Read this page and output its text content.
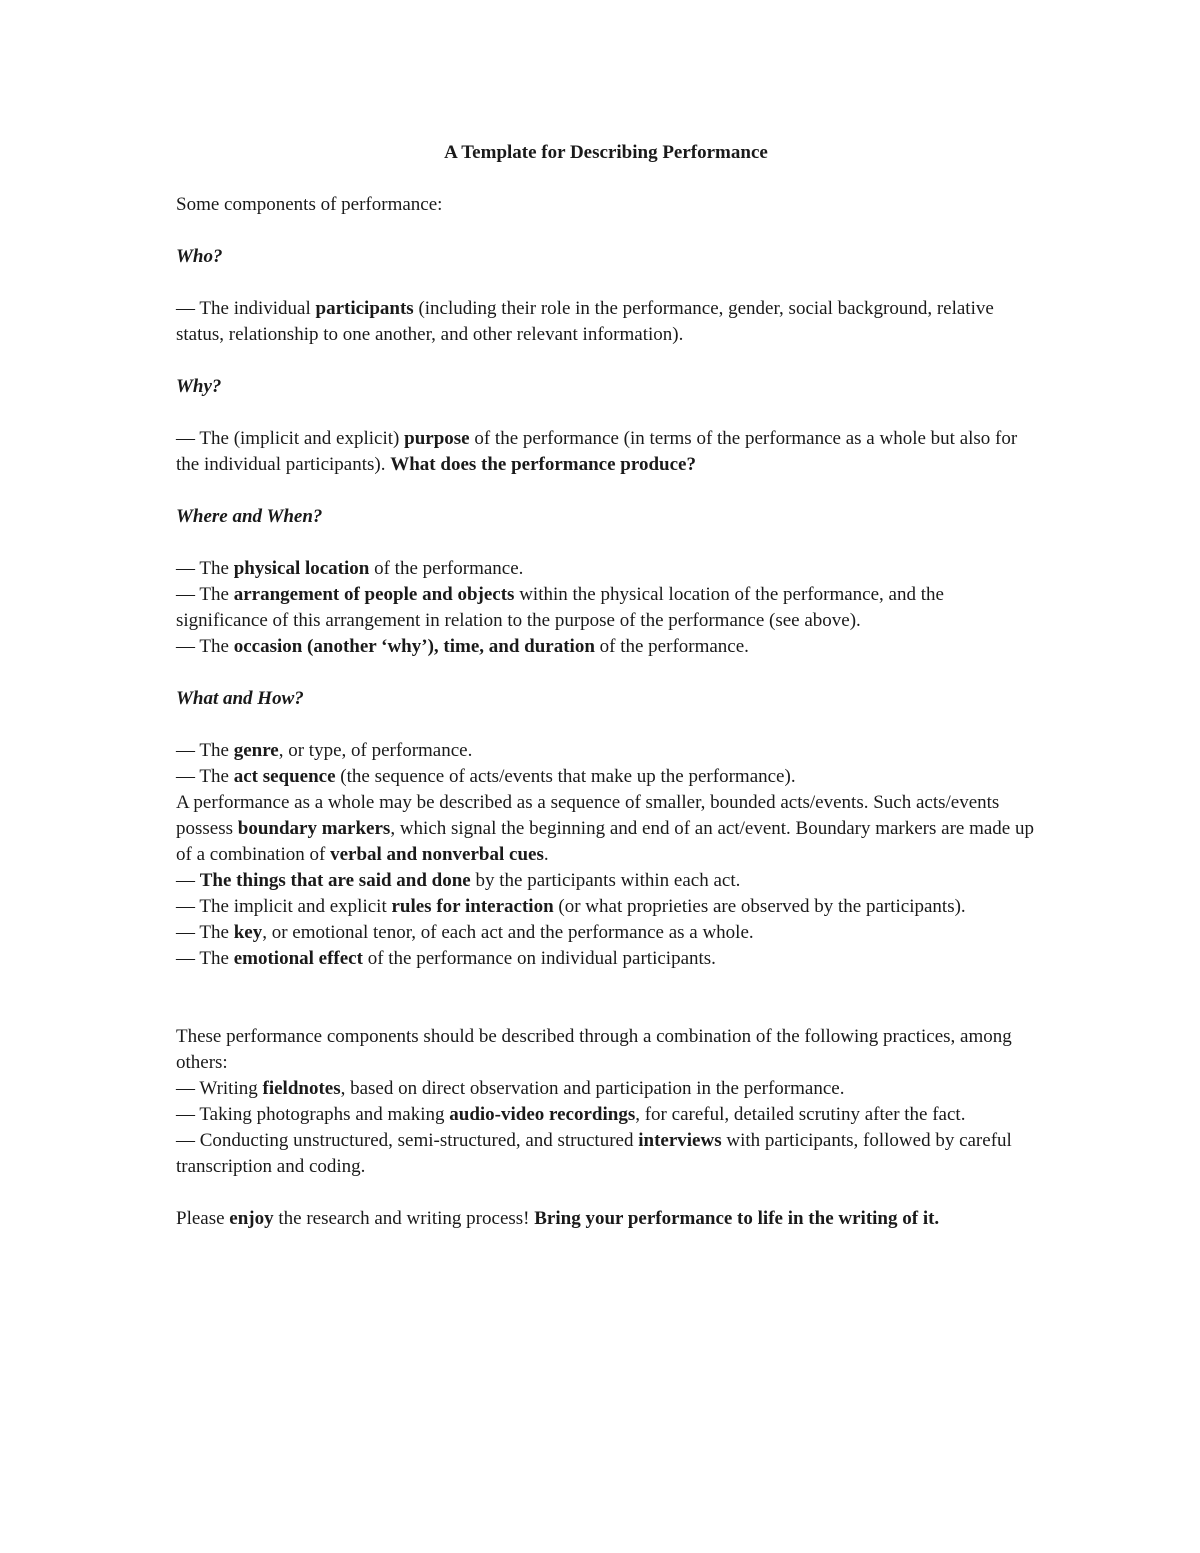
A Template for Describing Performance
Some components of performance:
Who?
— The individual participants (including their role in the performance, gender, social background, relative status, relationship to one another, and other relevant information).
Why?
— The (implicit and explicit) purpose of the performance (in terms of the performance as a whole but also for the individual participants). What does the performance produce?
Where and When?
— The physical location of the performance.
— The arrangement of people and objects within the physical location of the performance, and the significance of this arrangement in relation to the purpose of the performance (see above).
— The occasion (another ‘why’), time, and duration of the performance.
What and How?
— The genre, or type, of performance.
— The act sequence (the sequence of acts/events that make up the performance).
A performance as a whole may be described as a sequence of smaller, bounded acts/events. Such acts/events possess boundary markers, which signal the beginning and end of an act/event. Boundary markers are made up of a combination of verbal and nonverbal cues.
— The things that are said and done by the participants within each act.
— The implicit and explicit rules for interaction (or what proprieties are observed by the participants).
— The key, or emotional tenor, of each act and the performance as a whole.
— The emotional effect of the performance on individual participants.
These performance components should be described through a combination of the following practices, among others:
— Writing fieldnotes, based on direct observation and participation in the performance.
— Taking photographs and making audio-video recordings, for careful, detailed scrutiny after the fact.
— Conducting unstructured, semi-structured, and structured interviews with participants, followed by careful transcription and coding.
Please enjoy the research and writing process! Bring your performance to life in the writing of it.
